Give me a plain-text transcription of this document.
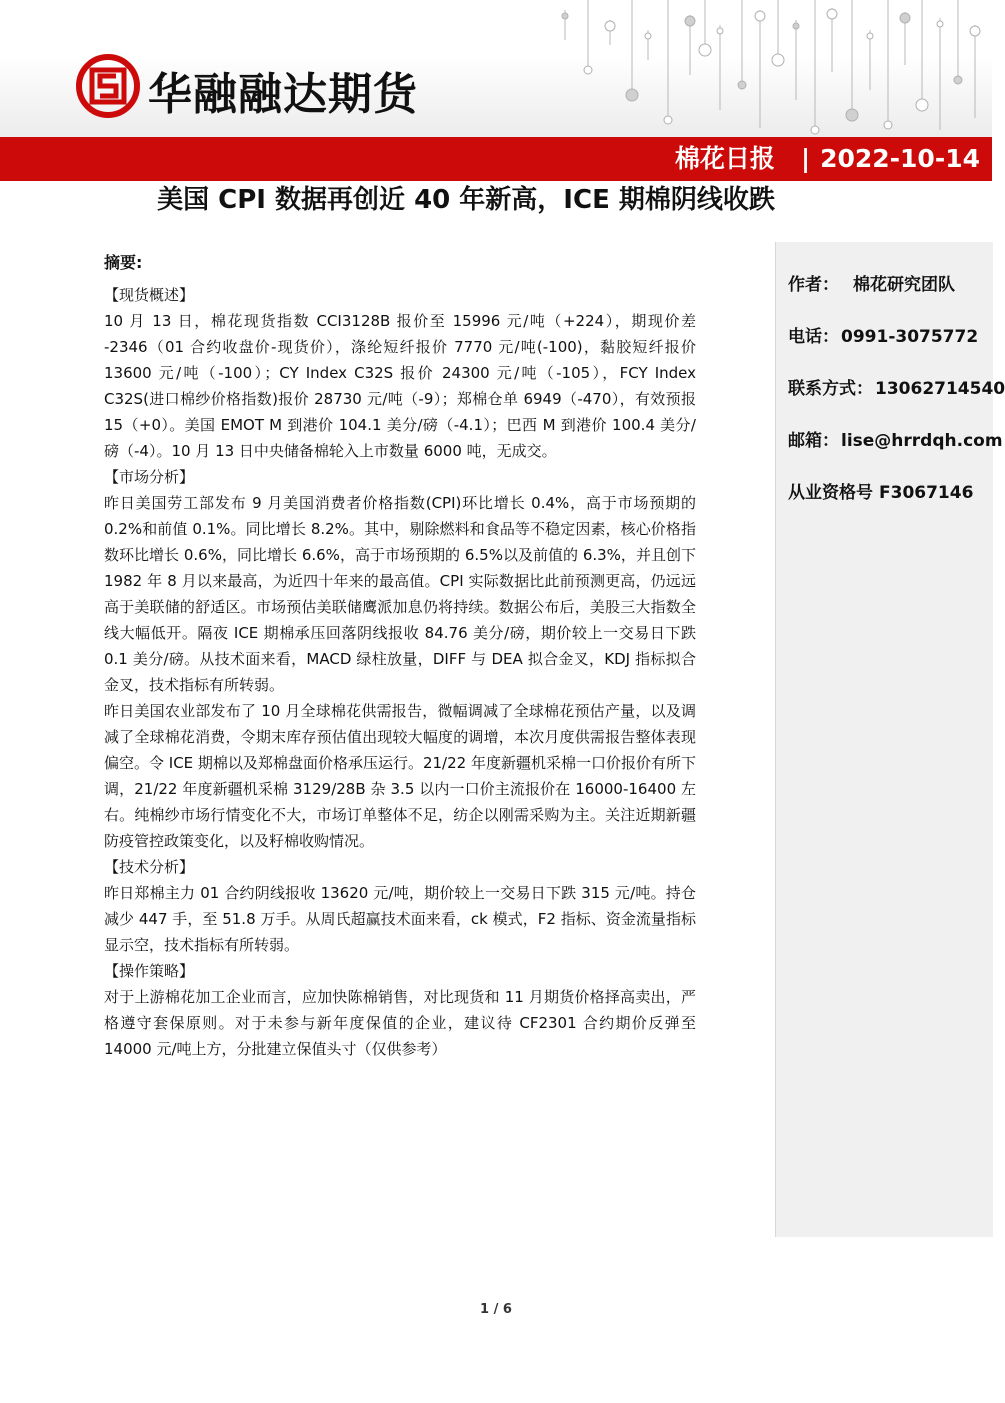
华融融达期货
棉花日报 | 2022-10-14
美国 CPI 数据再创近 40 年新高，ICE 期棉阴线收跌
摘要:
【现货概述】

10 月 13 日，棉花现货指数 CCI3128B 报价至 15996 元/吨（+224），期现价差 -2346（01 合约收盘价-现货价），涤纶短纤报价 7770 元/吨(-100)，黏胶短纤报价 13600 元/吨（-100）；CY Index C32S 报价 24300 元/吨（-105），FCY Index C32S(进口棉纱价格指数)报价 28730 元/吨（-9）；郑棉仓单 6949（-470），有效预报 15（+0）。美国 EMOT M 到港价 104.1 美分/磅（-4.1）；巴西 M 到港价 100.4 美分/磅（-4）。10 月 13 日中央储备棉轮入上市数量 6000 吨，无成交。

【市场分析】

昨日美国劳工部发布 9 月美国消费者价格指数(CPI)环比增长 0.4%，高于市场预期的 0.2%和前值 0.1%。同比增长 8.2%。其中，剔除燃料和食品等不稳定因素，核心价格指数环比增长 0.6%，同比增长 6.6%，高于市场预期的 6.5%以及前值的 6.3%，并且创下 1982 年 8 月以来最高，为近四十年来的最高值。CPI 实际数据比此前预测更高，仍远远高于美联储的舒适区。市场预估美联储鹰派加息仍将持续。数据公布后，美股三大指数全线大幅低开。隔夜 ICE 期棉承压回落阴线报收 84.76 美分/磅，期价较上一交易日下跌 0.1 美分/磅。从技术面来看，MACD 绿柱放量，DIFF 与 DEA 拟合金叉，KDJ 指标拟合金叉，技术指标有所转弱。

昨日美国农业部发布了 10 月全球棉花供需报告，微幅调减了全球棉花预估产量，以及调减了全球棉花消费，令期末库存预估值出现较大幅度的调增，本次月度供需报告整体表现偏空。令 ICE 期棉以及郑棉盘面价格承压运行。21/22 年度新疆机采棉一口价报价有所下调，21/22 年度新疆机采棉 3129/28B 杂 3.5 以内一口价主流报价在 16000-16400 左右。纯棉纱市场行情变化不大，市场订单整体不足，纺企以刚需采购为主。关注近期新疆防疫管控政策变化，以及籽棉收购情况。

【技术分析】

昨日郑棉主力 01 合约阴线报收 13620 元/吨，期价较上一交易日下跌 315 元/吨。持仓减少 447 手，至 51.8 万手。从周氏超赢技术面来看，ck 模式，F2 指标、资金流量指标显示空，技术指标有所转弱。

【操作策略】

对于上游棉花加工企业而言，应加快陈棉销售，对比现货和 11 月期货价格择高卖出，严格遵守套保原则。对于未参与新年度保值的企业，建议待 CF2301 合约期价反弹至 14000 元/吨上方，分批建立保值头寸（仅供参考）

作者： 棉花研究团队
电话： 0991-3075772
联系方式： 13062714540
邮箱： lise@hrrdqh.com
从业资格号 F3067146
1 / 6
